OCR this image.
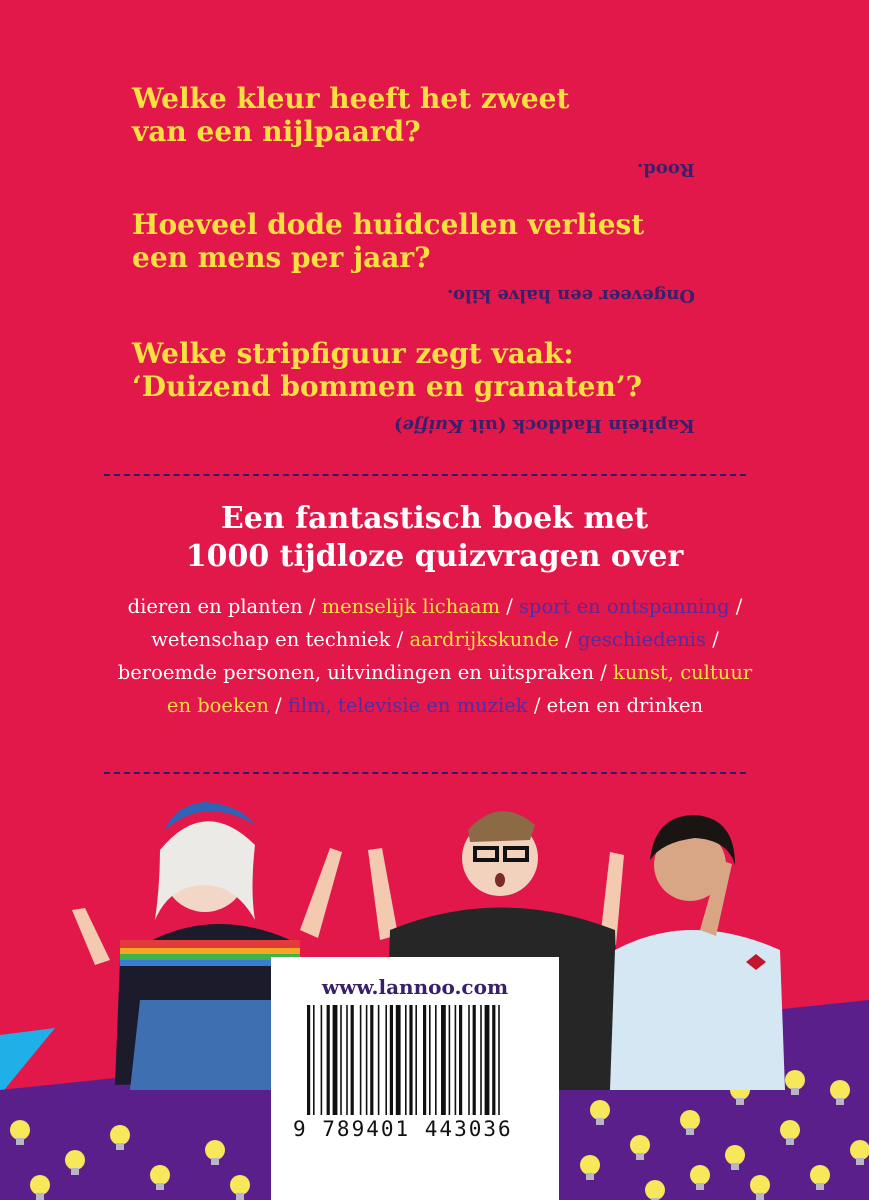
Welke kleur heeft het zweet
van een nijlpaard?

Rood.

Hoeveel dode huidcellen verliest
een mens per jaar?

Ongeveer een halve kilo.

Welke stripfiguur zegt vaak:
‘Duizend bommen en granaten’?

Kapitein Haddock (uit Kuifje)

Een fantastisch boek met
1000 tijdloze quizvragen over

dieren en planten / menselijk lichaam / sport en ontspanning / wetenschap en techniek / aardrijkskunde / geschiedenis / beroemde personen, uitvindingen en uitspraken / kunst, cultuur en boeken / film, televisie en muziek / eten en drinken

www.lannoo.com

9 789401 443036
